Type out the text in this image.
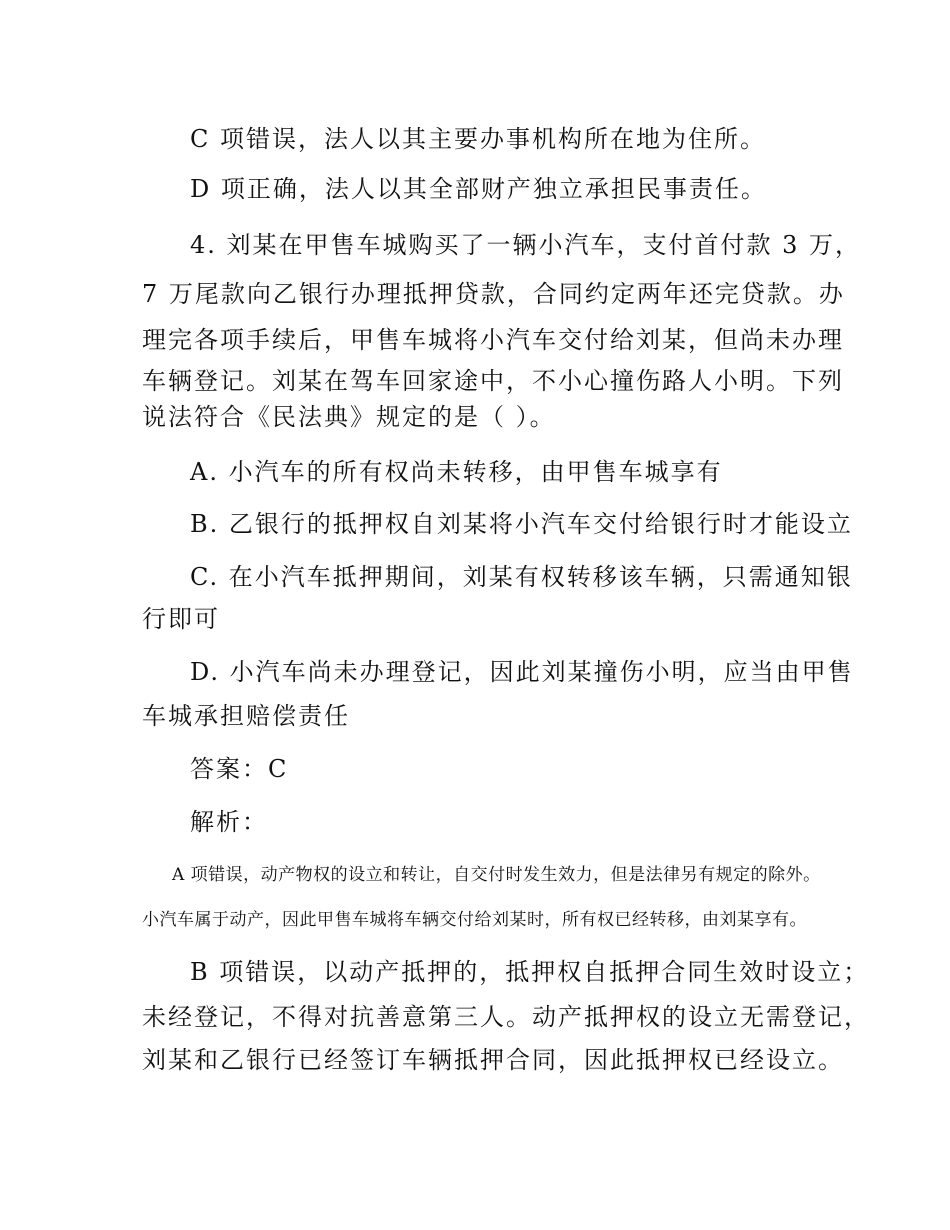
C 项错误，法人以其主要办事机构所在地为住所。

D 项正确，法人以其全部财产独立承担民事责任。

4. 刘某在甲售车城购买了一辆小汽车，支付首付款 3 万，

7 万尾款向乙银行办理抵押贷款，合同约定两年还完贷款。办

理完各项手续后，甲售车城将小汽车交付给刘某，但尚未办理

车辆登记。刘某在驾车回家途中，不小心撞伤路人小明。下列

说法符合《民法典》规定的是（ ）。

A. 小汽车的所有权尚未转移，由甲售车城享有

B. 乙银行的抵押权自刘某将小汽车交付给银行时才能设立

C. 在小汽车抵押期间，刘某有权转移该车辆，只需通知银

行即可

D. 小汽车尚未办理登记，因此刘某撞伤小明，应当由甲售

车城承担赔偿责任

答案：C

解析：

A 项错误，动产物权的设立和转让，自交付时发生效力，但是法律另有规定的除外。

小汽车属于动产，因此甲售车城将车辆交付给刘某时，所有权已经转移，由刘某享有。

B 项错误，以动产抵押的，抵押权自抵押合同生效时设立；

未经登记，不得对抗善意第三人。动产抵押权的设立无需登记，

刘某和乙银行已经签订车辆抵押合同，因此抵押权已经设立。
